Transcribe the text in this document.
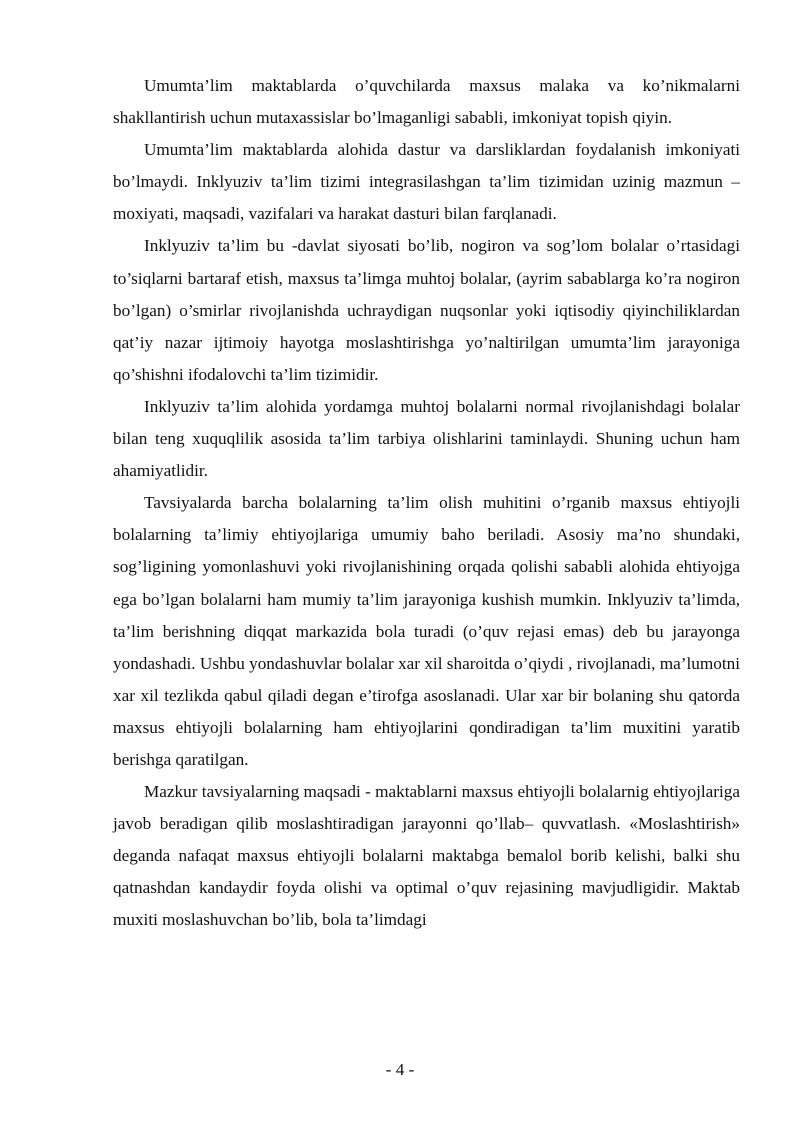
Umumta’lim maktablarda o’quvchilarda maxsus malaka va ko’nikmalarni shakllantirish uchun mutaxassislar bo’lmaganligi sababli, imkoniyat topish qiyin.

Umumta’lim maktablarda alohida dastur va darsliklardan foydalanish imkoniyati bo’lmaydi. Inklyuziv ta’lim tizimi integrasilashgan ta’lim tizimidan uzinig mazmun – moxiyati, maqsadi, vazifalari va harakat dasturi bilan farqlanadi.

Inklyuziv ta’lim bu -davlat siyosati bo’lib, nogiron va sog’lom bolalar o’rtasidagi to’siqlarni bartaraf etish, maxsus ta’limga muhtoj bolalar, (ayrim sabablarga ko’ra nogiron bo’lgan) o’smirlar rivojlanishda uchraydigan nuqsonlar yoki iqtisodiy qiyinchiliklardan qat’iy nazar ijtimoiy hayotga moslashtirishga yo’naltirilgan umumta’lim jarayoniga qo’shishni ifodalovchi ta’lim tizimidir.

Inklyuziv ta’lim alohida yordamga muhtoj bolalarni normal rivojlanishdagi bolalar bilan teng xuquqlilik asosida ta’lim tarbiya olishlarini taminlaydi. Shuning uchun ham ahamiyatlidir.

Tavsiyalarda barcha bolalarning ta’lim olish muhitini o’rganib maxsus ehtiyojli bolalarning ta’limiy ehtiyojlariga umumiy baho beriladi. Asosiy ma’no shundaki, sog’ligining yomonlashuvi yoki rivojlanishining orqada qolishi sababli alohida ehtiyojga ega bo’lgan bolalarni ham mumiy ta’lim jarayoniga kushish mumkin. Inklyuziv ta’limda, ta’lim berishning diqqat markazida bola turadi (o’quv rejasi emas) deb bu jarayonga yondashadi. Ushbu yondashuvlar bolalar xar xil sharoitda o’qiydi , rivojlanadi, ma’lumotni xar xil tezlikda qabul qiladi degan e’tirofga asoslanadi. Ular xar bir bolaning shu qatorda maxsus ehtiyojli bolalarning ham ehtiyojlarini qondiradigan ta’lim muxitini yaratib berishga qaratilgan.

Mazkur tavsiyalarning maqsadi - maktablarni maxsus ehtiyojli bolalarnig ehtiyojlariga javob beradigan qilib moslashtiradigan jarayonni qo’llab– quvvatlash. «Moslashtirish» deganda nafaqat maxsus ehtiyojli bolalarni maktabga bemalol borib kelishi, balki shu qatnashdan kandaydir foyda olishi va optimal o’quv rejasining mavjudligidir. Maktab muxiti moslashuvchan bo’lib, bola ta’limdagi

- 4 -
